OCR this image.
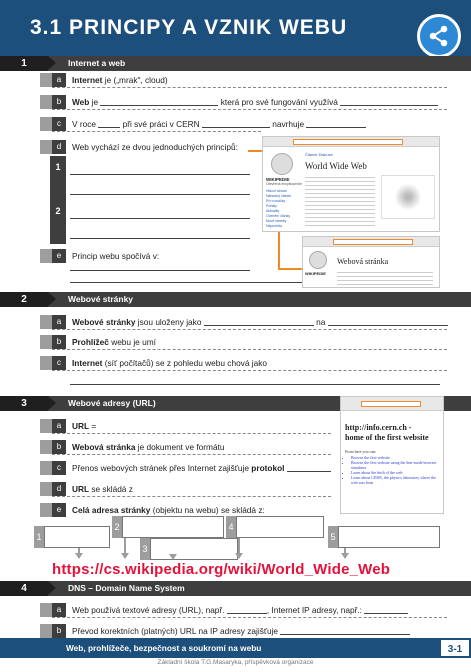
3.1 PRINCIPY A VZNIK WEBU
1	Internet a web
a	Internet je („mrak", cloud)
b	Web je	která pro své fungování využívá
c	V roce	při své práci v CERN	navrhuje
d	Web vychází ze dvou jednoduchých principů:
1
2
e	Princip webu spočívá v:
WIKIPEDIE
Otevřená encyklopedie
Hlavní strana
Náhodný článek
Pro nováčky
Portály
Aktuality
Ocenění články
Nové stránky
Nápověda
Článek Diskuse
World Wide Web
WIKIPEDIE
Webová stránka
2	Webové stránky
a	Webové stránky jsou uloženy jako	na
b	Prohlížeč webu je umí
c	Internet (síť počítačů) se z pohledu webu chová jako
3	Webové adresy (URL)
http://info.cern.ch -
home of the first website
From here you can:
• Browse the first website
• Browse the first website using the line-mode browser simulator
• Learn about the birth of the web
• Learn about CERN, the physics laboratory where the web was born
a	URL =
b	Webová stránka je dokument ve formátu
c	Přenos webových stránek přes Internet zajišťuje protokol
d	URL se skládá z
e	Celá adresa stránky (objektu na webu) se skládá z:
1
2
3
4
5
https://cs.wikipedia.org/wiki/World_Wide_Web
4	DNS – Domain Name System
a	Web používá textové adresy (URL), např.	, Internet IP adresy, např.:
b	Převod korektních (platných) URL na IP adresy zajišťuje
Web, prohlížeče, bezpečnost a soukromí na webu	3-1
Základní škola T.G.Masaryka, příspěvková organizace
